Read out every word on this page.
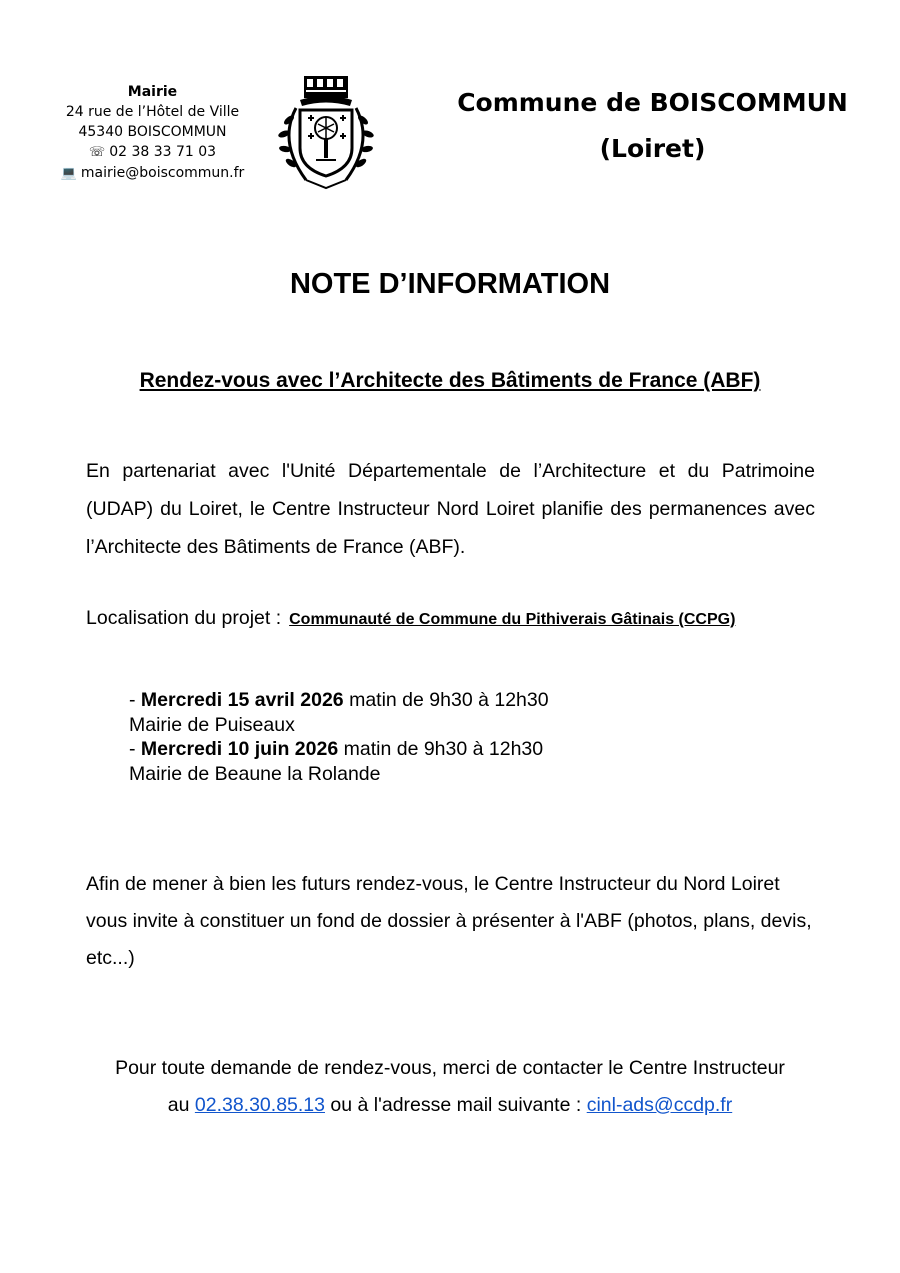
Mairie
24 rue de l’Hôtel de Ville
45340 BOISCOMMUN
☏ 02 38 33 71 03
💻 mairie@boiscommun.fr
Commune de BOISCOMMUN
(Loiret)
NOTE D’INFORMATION
Rendez-vous avec l’Architecte des Bâtiments de France (ABF)
En partenariat avec l'Unité Départementale de l’Architecture et du Patrimoine (UDAP) du Loiret, le Centre Instructeur Nord Loiret planifie des permanences avec l’Architecte des Bâtiments de France (ABF).
Localisation du projet : Communauté de Commune du Pithiverais Gâtinais (CCPG)
- Mercredi 15 avril 2026 matin de 9h30 à 12h30
Mairie de Puiseaux
- Mercredi 10 juin 2026 matin de 9h30 à 12h30
Mairie de Beaune la Rolande
Afin de mener à bien les futurs rendez-vous, le Centre Instructeur du Nord Loiret vous invite à constituer un fond de dossier à présenter à l'ABF (photos, plans, devis, etc...)
Pour toute demande de rendez-vous, merci de contacter le Centre Instructeur
au 02.38.30.85.13 ou à l'adresse mail suivante : cinl-ads@ccdp.fr
